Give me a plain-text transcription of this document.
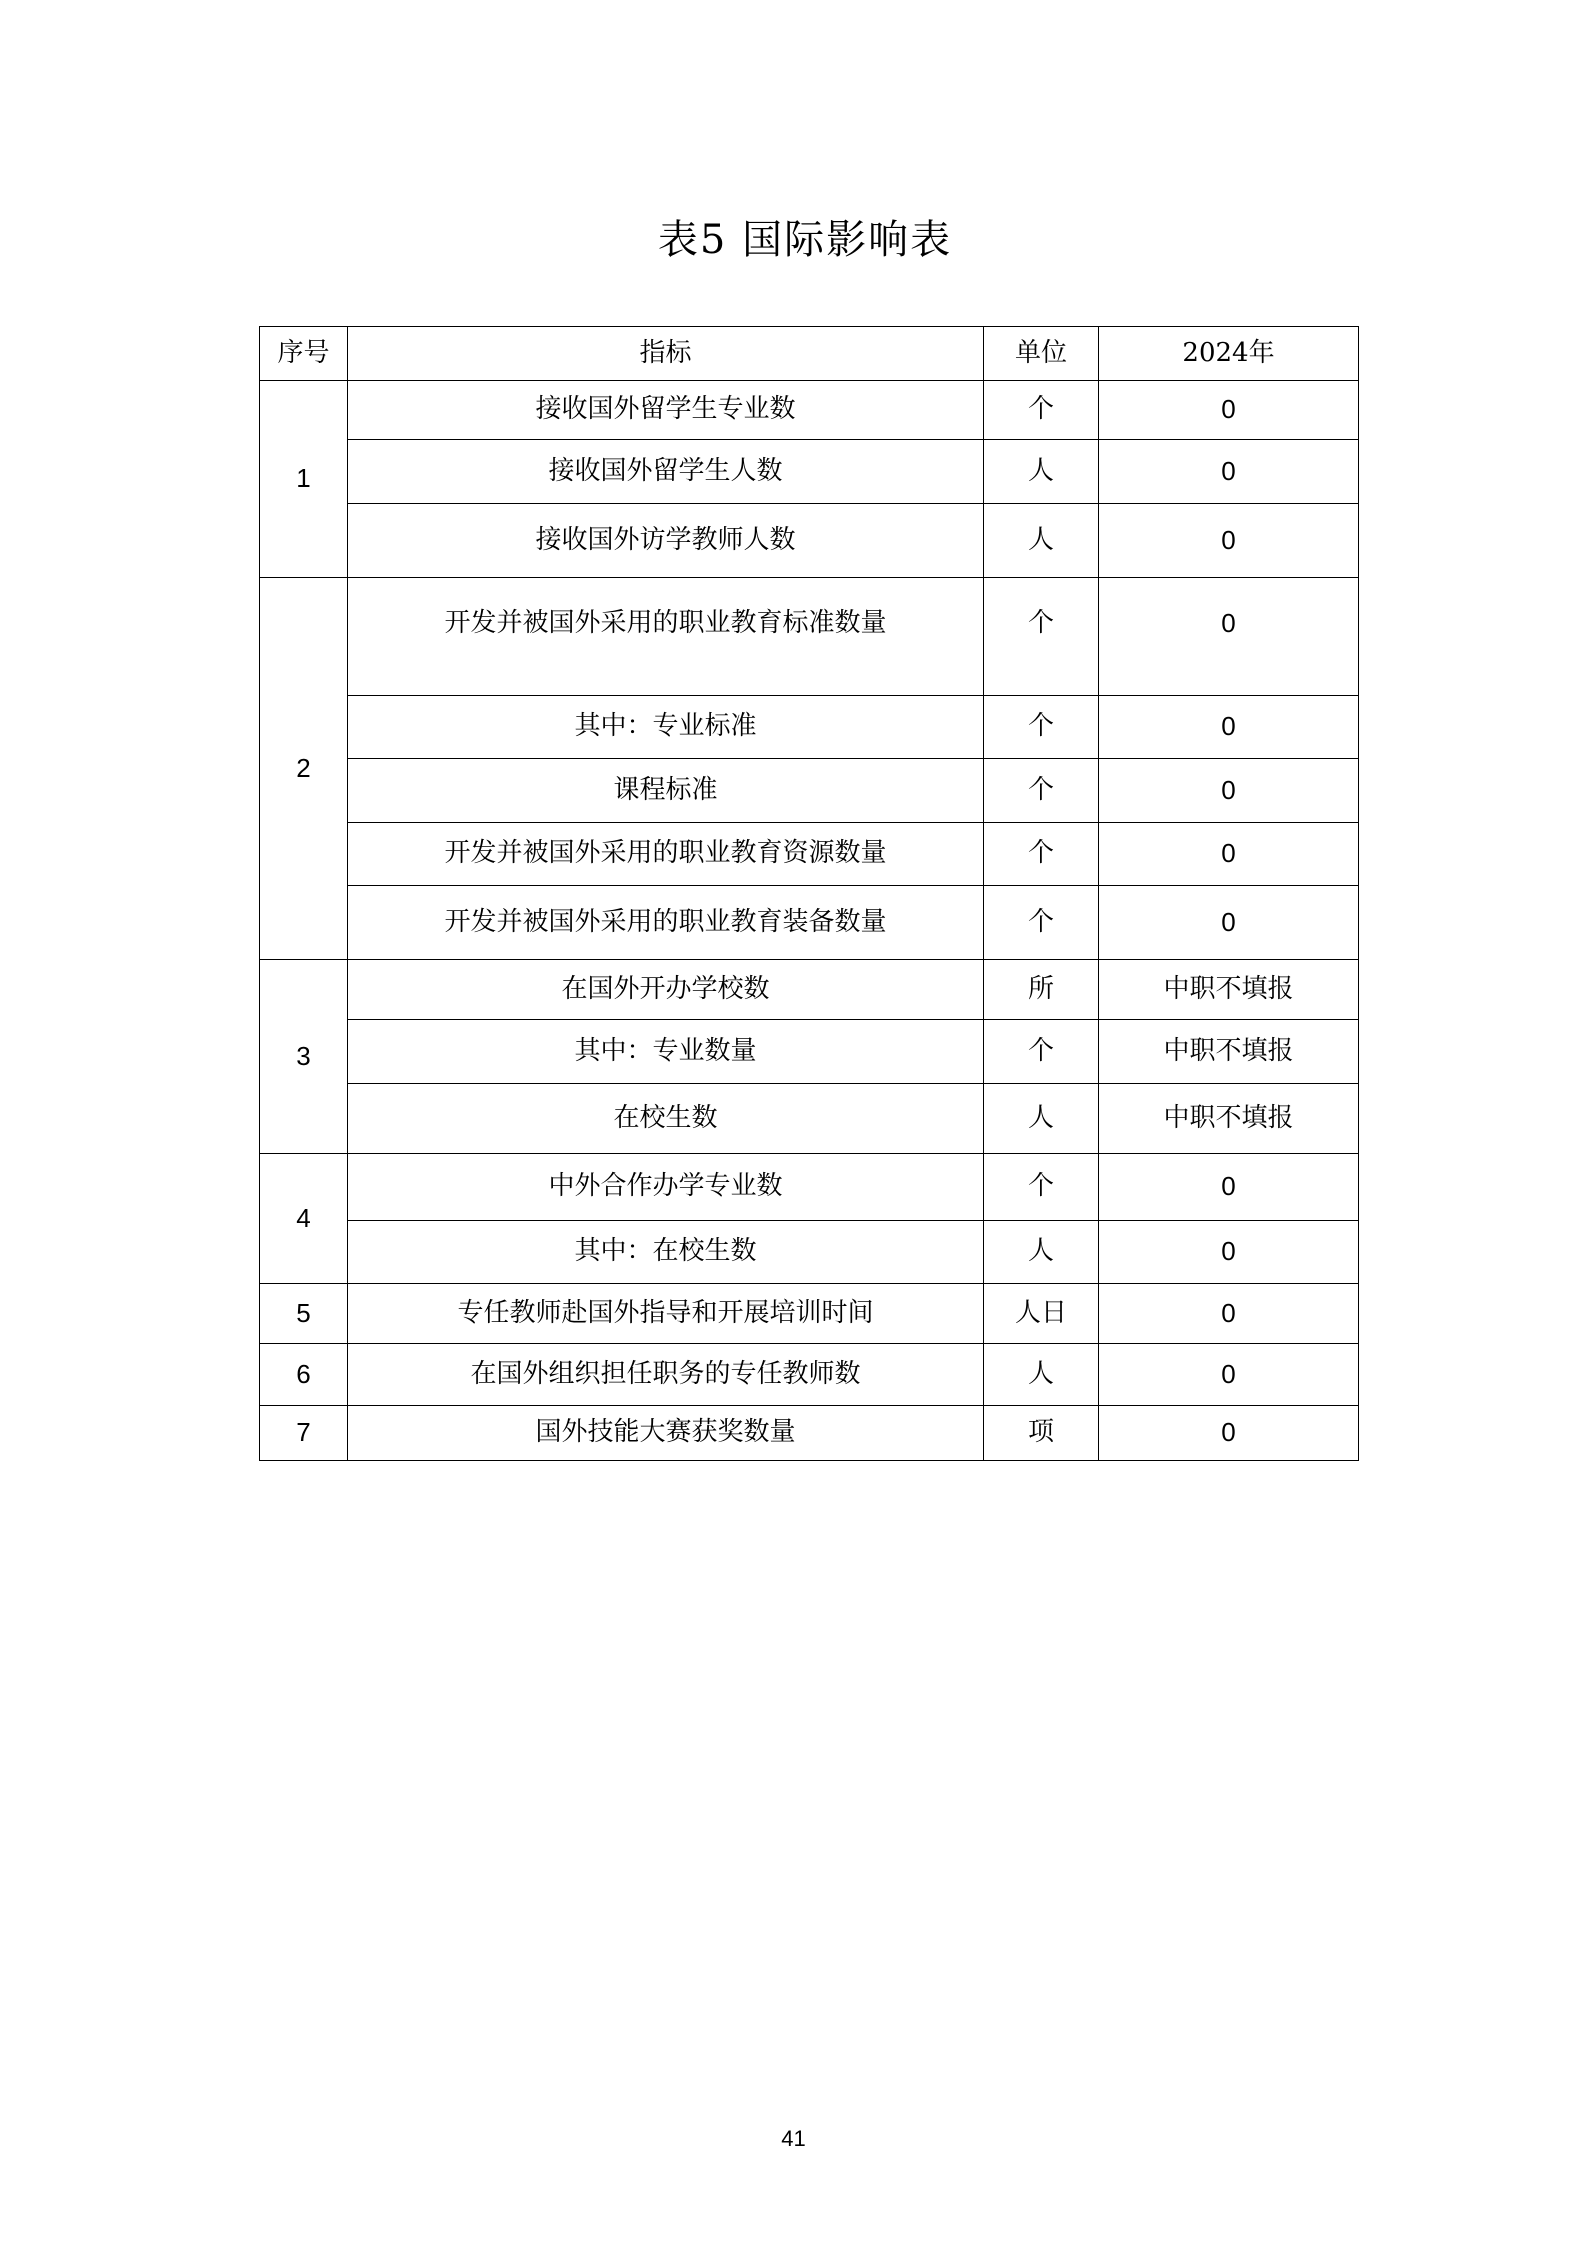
表5 国际影响表
序号	指标	单位	2024年
1	接收国外留学生专业数	个	0
	接收国外留学生人数	人	0
	接收国外访学教师人数	人	0
2	开发并被国外采用的职业教育标准数量	个	0
	其中：专业标准	个	0
	课程标准	个	0
	开发并被国外采用的职业教育资源数量	个	0
	开发并被国外采用的职业教育装备数量	个	0
3	在国外开办学校数	所	中职不填报
	其中：专业数量	个	中职不填报
	在校生数	人	中职不填报
4	中外合作办学专业数	个	0
	其中：在校生数	人	0
5	专任教师赴国外指导和开展培训时间	人日	0
6	在国外组织担任职务的专任教师数	人	0
7	国外技能大赛获奖数量	项	0
41
